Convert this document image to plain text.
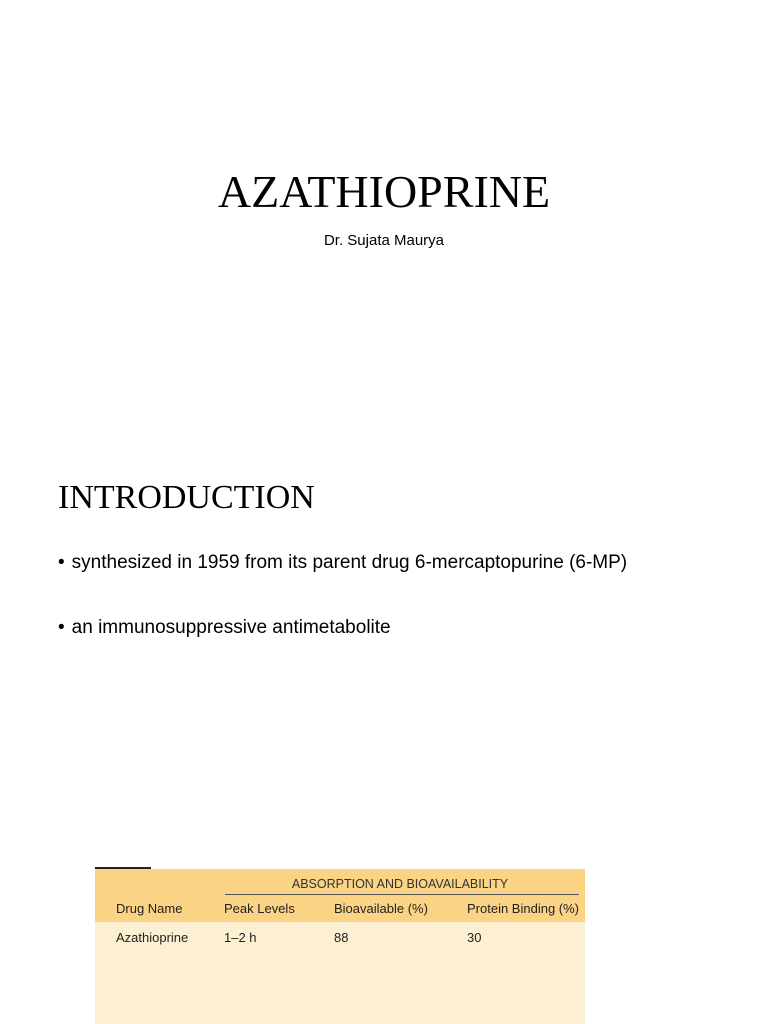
AZATHIOPRINE
Dr. Sujata Maurya
INTRODUCTION
• synthesized in 1959 from its parent drug 6-mercaptopurine (6-MP)
• an immunosuppressive antimetabolite
ABSORPTION AND BIOAVAILABILITY
Drug Name	Peak Levels	Bioavailable (%)	Protein Binding (%)
Azathioprine	1–2 h	88	30
